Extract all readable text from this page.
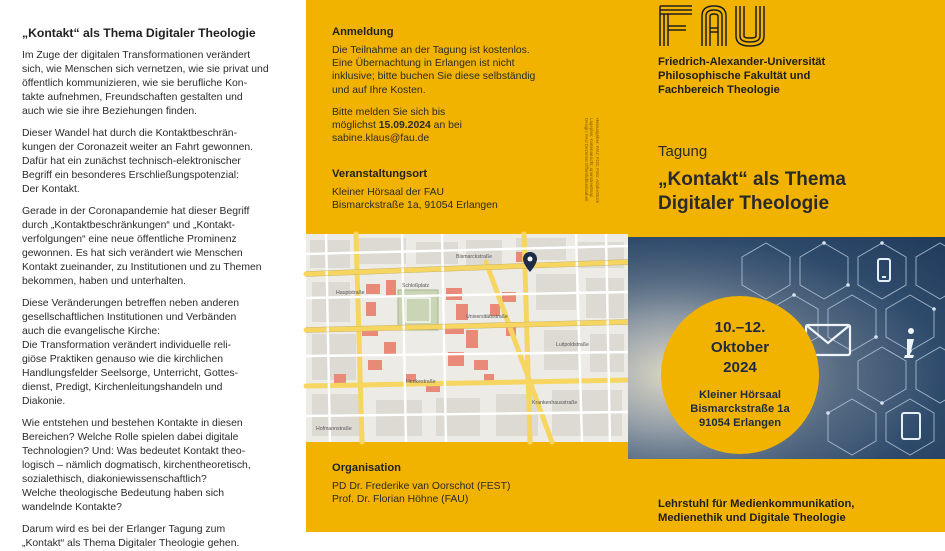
„Kontakt“ als Thema Digitaler Theologie

Im Zuge der digitalen Transformationen verändert
sich, wie Menschen sich vernetzen, wie sie privat und
öffentlich kommunizieren, wie sie berufliche Kon-
takte aufnehmen, Freundschaften gestalten und
auch wie sie ihre Beziehungen finden.

Dieser Wandel hat durch die Kontaktbeschrän-
kungen der Coronazeit weiter an Fahrt gewonnen.
Dafür hat ein zunächst technisch-elektronischer
Begriff ein besonderes Erschließungspotenzial:
Der Kontakt.

Gerade in der Coronapandemie hat dieser Begriff
durch „Kontaktbeschränkungen“ und „Kontakt-
verfolgungen“ eine neue öffentliche Prominenz
gewonnen. Es hat sich verändert wie Menschen
Kontakt zueinander, zu Institutionen und zu Themen
bekommen, haben und unterhalten.

Diese Veränderungen betreffen neben anderen
gesellschaftlichen Institutionen und Verbänden
auch die evangelische Kirche:
Die Transformation verändert individuelle reli-
giöse Praktiken genauso wie die kirchlichen
Handlungsfelder Seelsorge, Unterricht, Gottes-
dienst, Predigt, Kirchenleitungshandeln und
Diakonie.

Wie entstehen und bestehen Kontakte in diesen
Bereichen? Welche Rolle spielen dabei digitale
Technologien? Und: Was bedeutet Kontakt theo-
logisch – nämlich dogmatisch, kirchentheoretisch,
sozialethisch, diakoniewissenschaftlich?
Welche theologische Bedeutung haben sich
wandelnde Kontakte?

Darum wird es bei der Erlanger Tagung zum
„Kontakt“ als Thema Digitaler Theologie gehen.

Anmeldung

Die Teilnahme an der Tagung ist kostenlos.
Eine Übernachtung in Erlangen ist nicht
inklusive; bitte buchen Sie diese selbständig
und auf Ihre Kosten.

Bitte melden Sie sich bis
möglichst 15.09.2024 an bei
sabine.klaus@fau.de

Veranstaltungsort

Kleiner Hörsaal der FAU
Bismarckstraße 1a, 91054 Erlangen

Herausgeber: FAU; FOS, Foto: AdobeStock
Lageplan: Kartenansicht, openstreetmap
Design: FAU Dezernat Öffentlichkeitsarbeit
Organisation

PD Dr. Frederike van Oorschot (FEST)
Prof. Dr. Florian Höhne (FAU)

Bismarckstraße
Hauptstraße
Schloßplatz
Universitätsstraße
Luitpoldstraße
Henkestraße
Krankenhausstraße
Hofmannstraße
Friedrich-Alexander-Universität
Philosophische Fakultät und
Fachbereich Theologie
Tagung
„Kontakt“ als Thema
Digitaler Theologie
10.–12.
Oktober
2024
Kleiner Hörsaal
Bismarckstraße 1a
91054 Erlangen
Lehrstuhl für Medienkommunikation,
Medienethik und Digitale Theologie
